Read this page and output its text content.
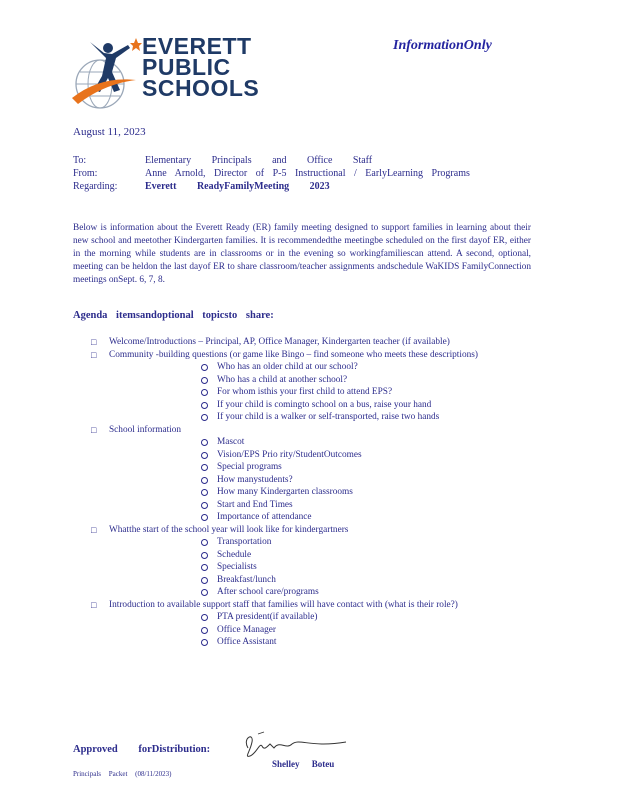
EVERETT
PUBLIC
SCHOOLS
InformationOnly
August 11, 2023
To:	Elementary Principals and Office Staff
From:	Anne Arnold, Director of P-5 Instructional / EarlyLearning Programs
Regarding:	Everett ReadyFamilyMeeting 2023
Below is information about the Everett Ready (ER) family meeting designed to support families in learning about their new school and meetother Kindergarten families. It is recommendedthe meetingbe scheduled on the first dayof ER, either in the morning while students are in classrooms or in the evening so workingfamiliescan attend. A second, optional, meeting can be heldon the last dayof ER to share classroom/teacher assignments andschedule WaKIDS FamilyConnection meetings onSept. 6, 7, 8.
Agenda itemsandoptional topicsto share:
□ Welcome/Introductions – Principal, AP, Office Manager, Kindergarten teacher (if available)
□ Community -building questions (or game like Bingo – find someone who meets these descriptions)
Who has an older child at our school?
Who has a child at another school?
For whom isthis your first child to attend EPS?
If your child is comingto school on a bus, raise your hand
If your child is a walker or self-transported, raise two hands
□ School information
Mascot
Vision/EPS Prio rity/StudentOutcomes
Special programs
How manystudents?
How many Kindergarten classrooms
Start and End Times
Importance of attendance
□ Whatthe start of the school year will look like for kindergartners
Transportation
Schedule
Specialists
Breakfast/lunch
After school care/programs
□ Introduction to available support staff that families will have contact with (what is their role?)
PTA president(if available)
Office Manager
Office Assistant
Approved forDistribution:
Shelley Boteu
Principals Packet (08/11/2023)
